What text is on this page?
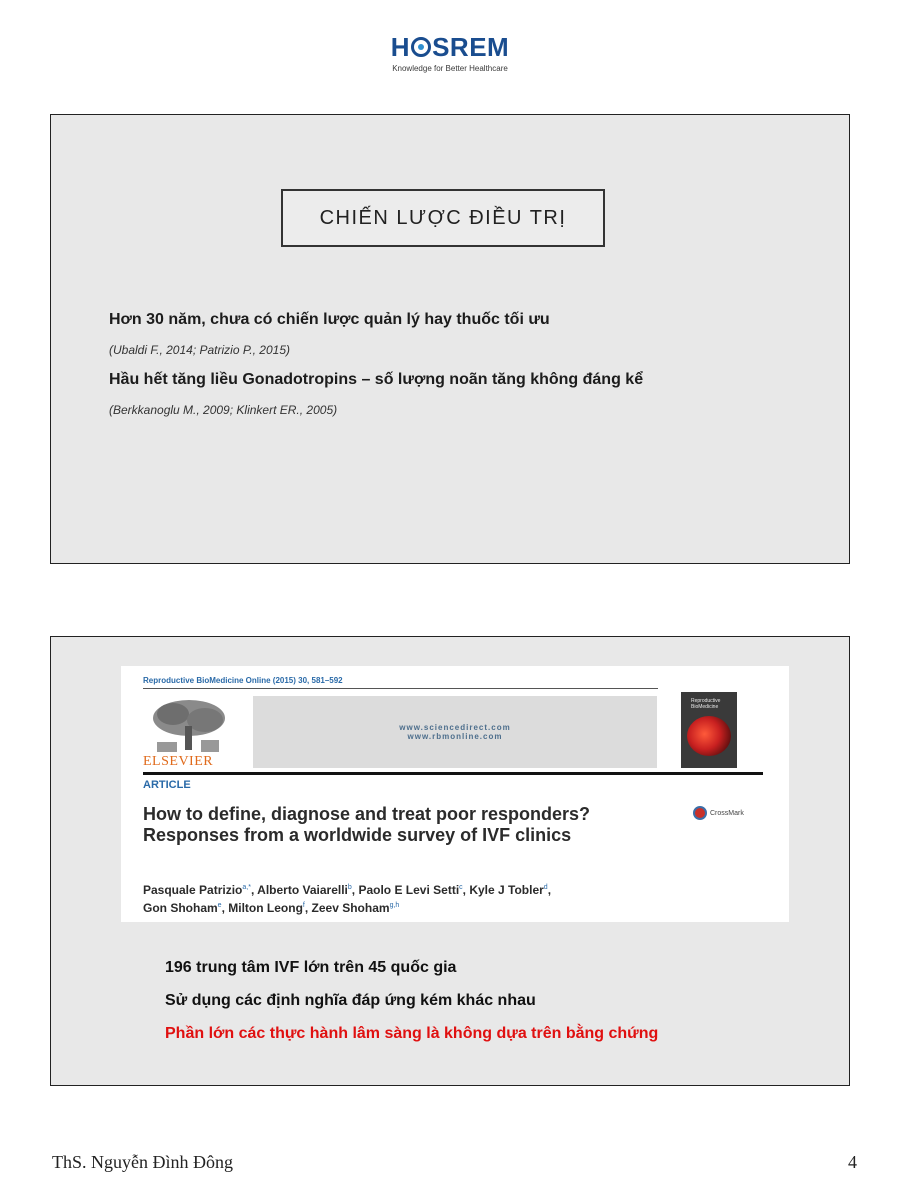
H SREM
Knowledge for Better Healthcare
CHIẾN LƯỢC ĐIỀU TRỊ
Hơn 30 năm, chưa có chiến lược quản lý hay thuốc tối ưu
(Ubaldi F., 2014; Patrizio P., 2015)
Hầu hết tăng liều Gonadotropins – số lượng noãn tăng không đáng kể
(Berkkanoglu M., 2009; Klinkert ER., 2005)
Reproductive BioMedicine Online (2015) 30, 581–592
ELSEVIER
www.sciencedirect.com
www.rbmonline.com
Reproductive
BioMedicine
ARTICLE
How to define, diagnose and treat poor responders? Responses from a worldwide survey of IVF clinics
CrossMark
Pasquale Patrizio$^{a,*}$, Alberto Vaiarelli$^b$, Paolo E Levi Setti$^c$, Kyle J Tobler$^d$,
Gon Shoham$^e$, Milton Leong$^f$, Zeev Shoham$^{g,h}$
196 trung tâm IVF lớn trên 45 quốc gia
Sử dụng các định nghĩa đáp ứng kém khác nhau
Phần lớn các thực hành lâm sàng là không dựa trên bằng chứng
ThS. Nguyễn Đình Đông	4
